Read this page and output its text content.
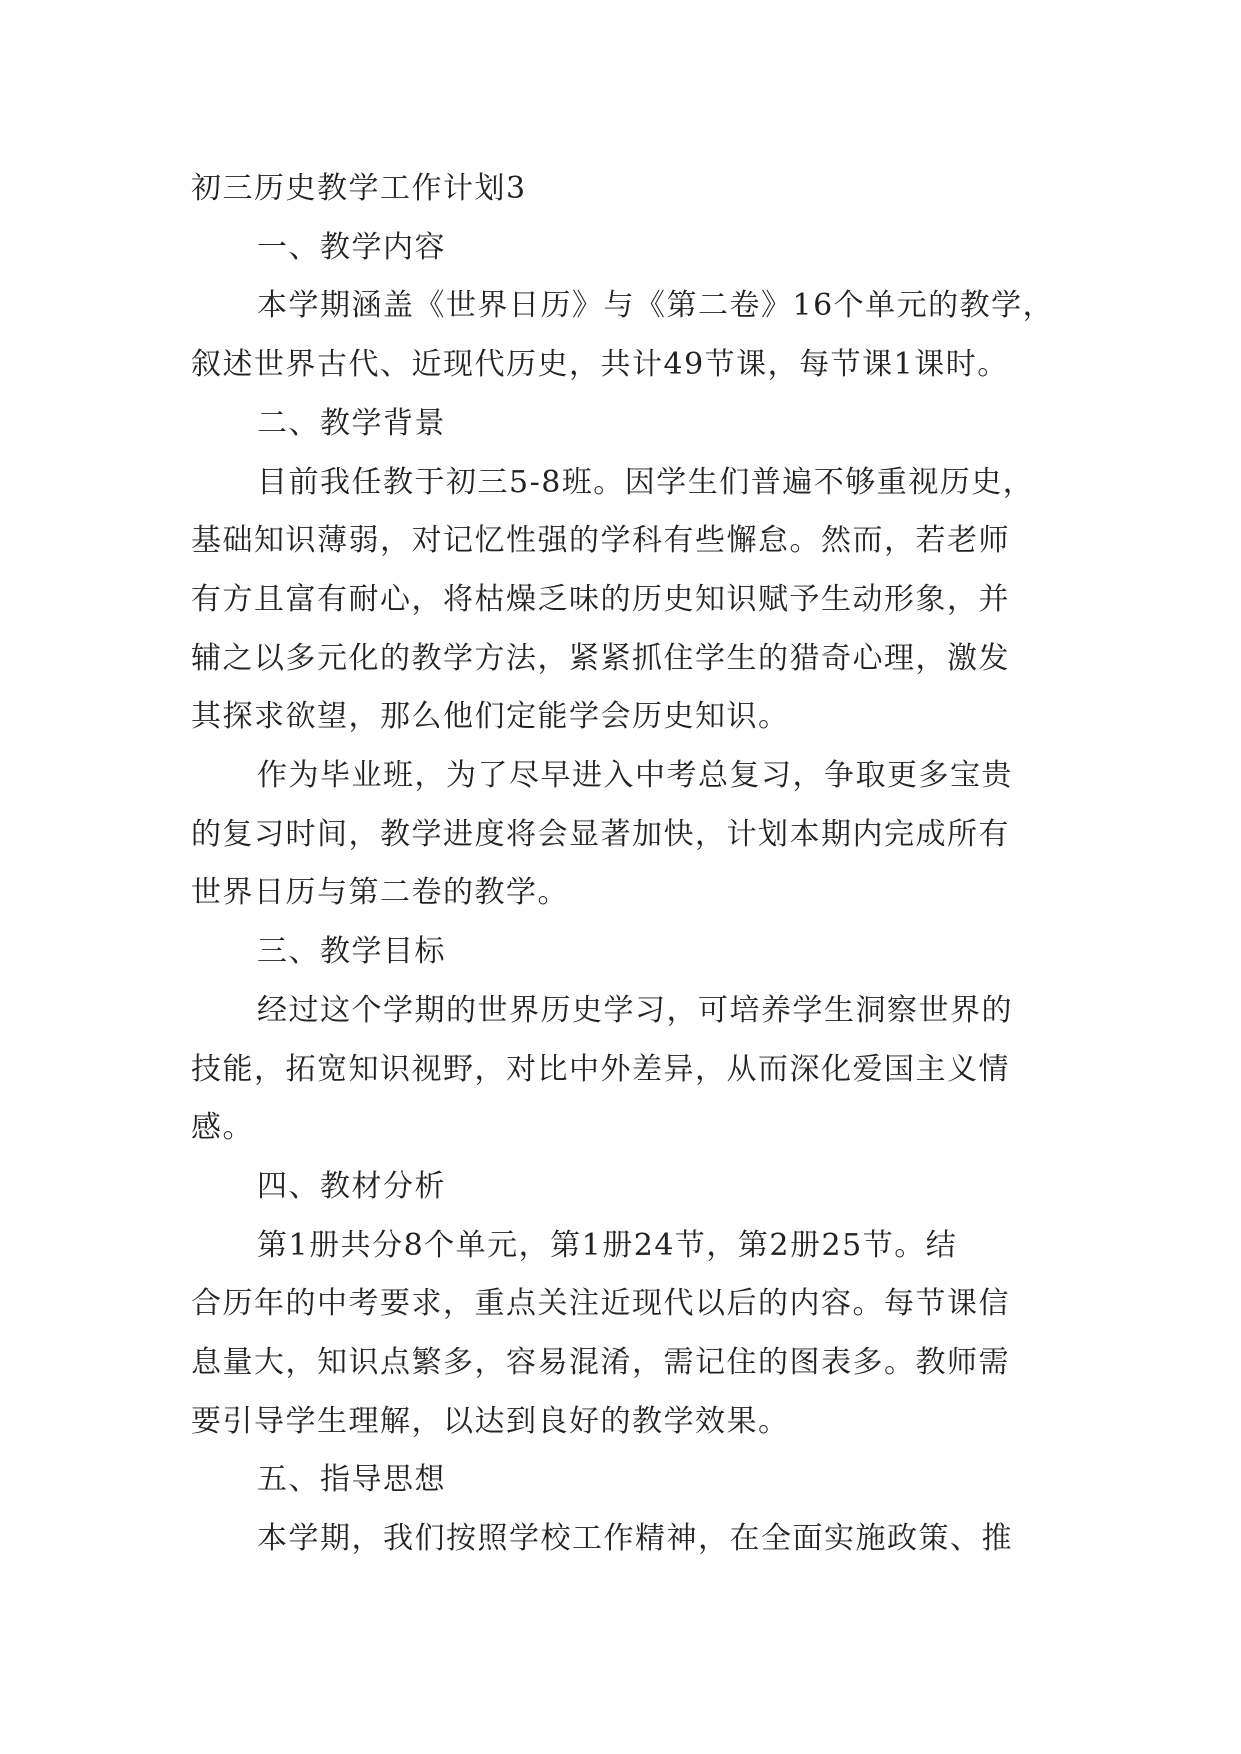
初三历史教学工作计划3

一、教学内容

本学期涵盖《世界日历》与《第二卷》16个单元的教学，

叙述世界古代、近现代历史，共计49节课，每节课1课时。

二、教学背景

目前我任教于初三5-8班。因学生们普遍不够重视历史，

基础知识薄弱，对记忆性强的学科有些懈怠。然而，若老师

有方且富有耐心，将枯燥乏味的历史知识赋予生动形象，并

辅之以多元化的教学方法，紧紧抓住学生的猎奇心理，激发

其探求欲望，那么他们定能学会历史知识。

作为毕业班，为了尽早进入中考总复习，争取更多宝贵

的复习时间，教学进度将会显著加快，计划本期内完成所有

世界日历与第二卷的教学。

三、教学目标

经过这个学期的世界历史学习，可培养学生洞察世界的

技能，拓宽知识视野，对比中外差异，从而深化爱国主义情

感。

四、教材分析

第1册共分8个单元，第1册24节，第2册25节。结

合历年的中考要求，重点关注近现代以后的内容。每节课信

息量大，知识点繁多，容易混淆，需记住的图表多。教师需

要引导学生理解，以达到良好的教学效果。

五、指导思想

本学期，我们按照学校工作精神，在全面实施政策、推
